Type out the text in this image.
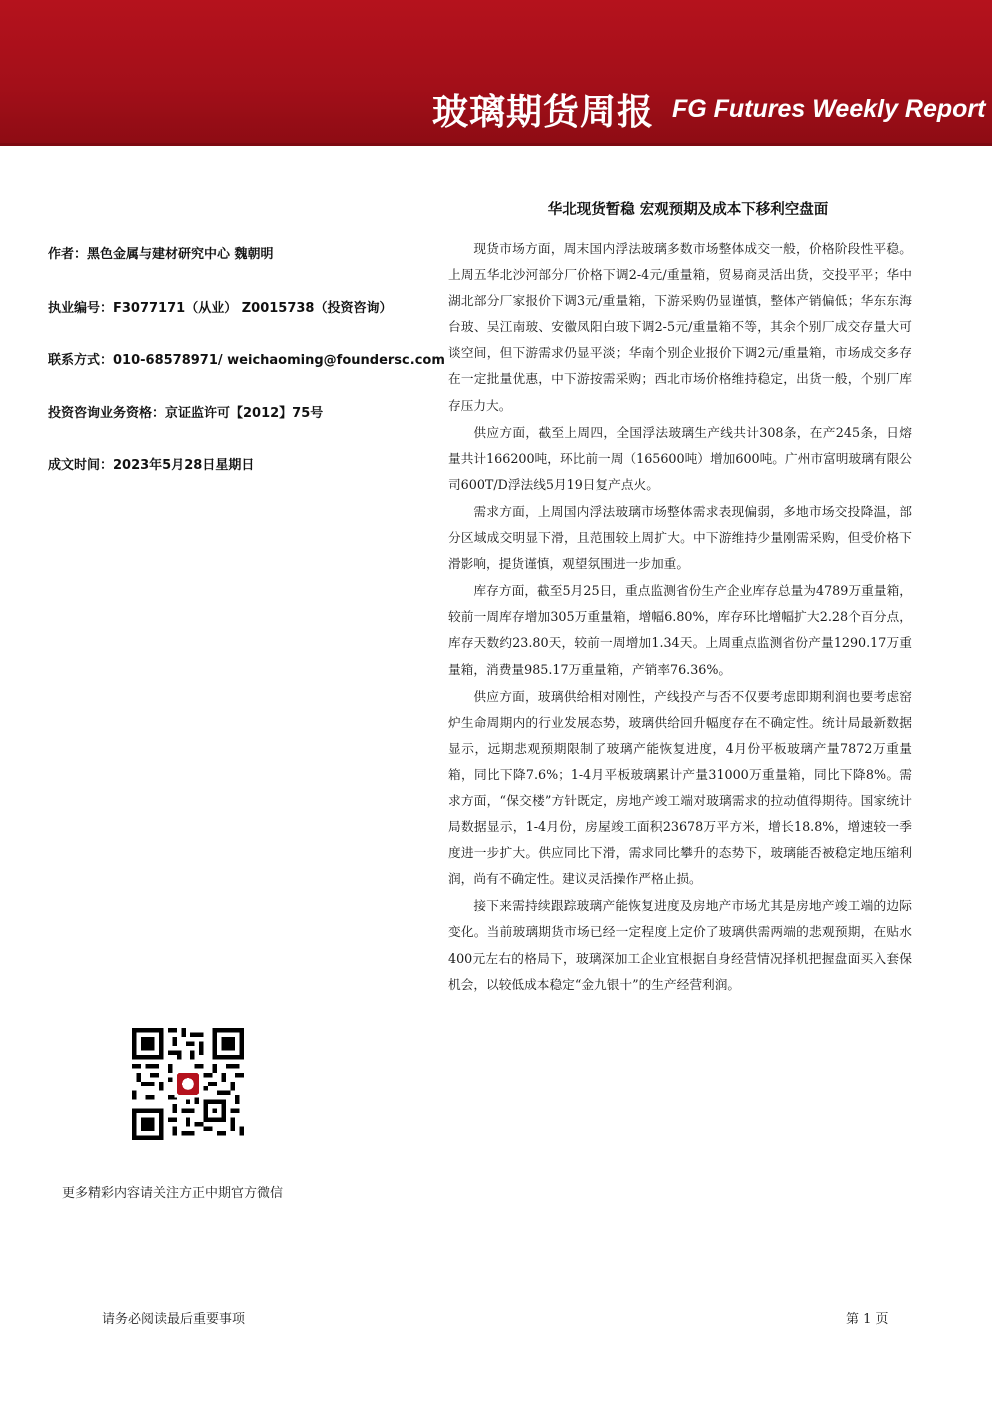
玻璃期货周报 FG Futures Weekly Report
作者：黑色金属与建材研究中心 魏朝明
执业编号：F3077171（从业） Z0015738（投资咨询）
联系方式：010-68578971/ weichaoming@foundersc.com
投资咨询业务资格：京证监许可【2012】75号
成文时间：2023年5月28日星期日
华北现货暂稳 宏观预期及成本下移利空盘面

现货市场方面，周末国内浮法玻璃多数市场整体成交一般，价格阶段性平稳。上周五华北沙河部分厂价格下调2-4元/重量箱，贸易商灵活出货，交投平平；华中湖北部分厂家报价下调3元/重量箱，下游采购仍显谨慎，整体产销偏低；华东东海台玻、吴江南玻、安徽凤阳白玻下调2-5元/重量箱不等，其余个别厂成交存量大可谈空间，但下游需求仍显平淡；华南个别企业报价下调2元/重量箱，市场成交多存在一定批量优惠，中下游按需采购；西北市场价格维持稳定，出货一般，个别厂库存压力大。

供应方面，截至上周四，全国浮法玻璃生产线共计308条，在产245条，日熔量共计166200吨，环比前一周（165600吨）增加600吨。广州市富明玻璃有限公司600T/D浮法线5月19日复产点火。

需求方面，上周国内浮法玻璃市场整体需求表现偏弱，多地市场交投降温，部分区域成交明显下滑，且范围较上周扩大。中下游维持少量刚需采购，但受价格下滑影响，提货谨慎，观望氛围进一步加重。

库存方面，截至5月25日，重点监测省份生产企业库存总量为4789万重量箱，较前一周库存增加305万重量箱，增幅6.80%，库存环比增幅扩大2.28个百分点，库存天数约23.80天，较前一周增加1.34天。上周重点监测省份产量1290.17万重量箱，消费量985.17万重量箱，产销率76.36%。

供应方面，玻璃供给相对刚性，产线投产与否不仅要考虑即期利润也要考虑窑炉生命周期内的行业发展态势，玻璃供给回升幅度存在不确定性。统计局最新数据显示，远期悲观预期限制了玻璃产能恢复进度，4月份平板玻璃产量7872万重量箱，同比下降7.6%；1-4月平板玻璃累计产量31000万重量箱，同比下降8%。需求方面，“保交楼”方针既定，房地产竣工端对玻璃需求的拉动值得期待。国家统计局数据显示，1-4月份，房屋竣工面积23678万平方米，增长18.8%，增速较一季度进一步扩大。供应同比下滑，需求同比攀升的态势下，玻璃能否被稳定地压缩利润，尚有不确定性。建议灵活操作严格止损。

接下来需持续跟踪玻璃产能恢复进度及房地产市场尤其是房地产竣工端的边际变化。当前玻璃期货市场已经一定程度上定价了玻璃供需两端的悲观预期，在贴水400元左右的格局下，玻璃深加工企业宜根据自身经营情况择机把握盘面买入套保机会，以较低成本稳定“金九银十”的生产经营利润。

更多精彩内容请关注方正中期官方微信
请务必阅读最后重要事项	第 1 页
